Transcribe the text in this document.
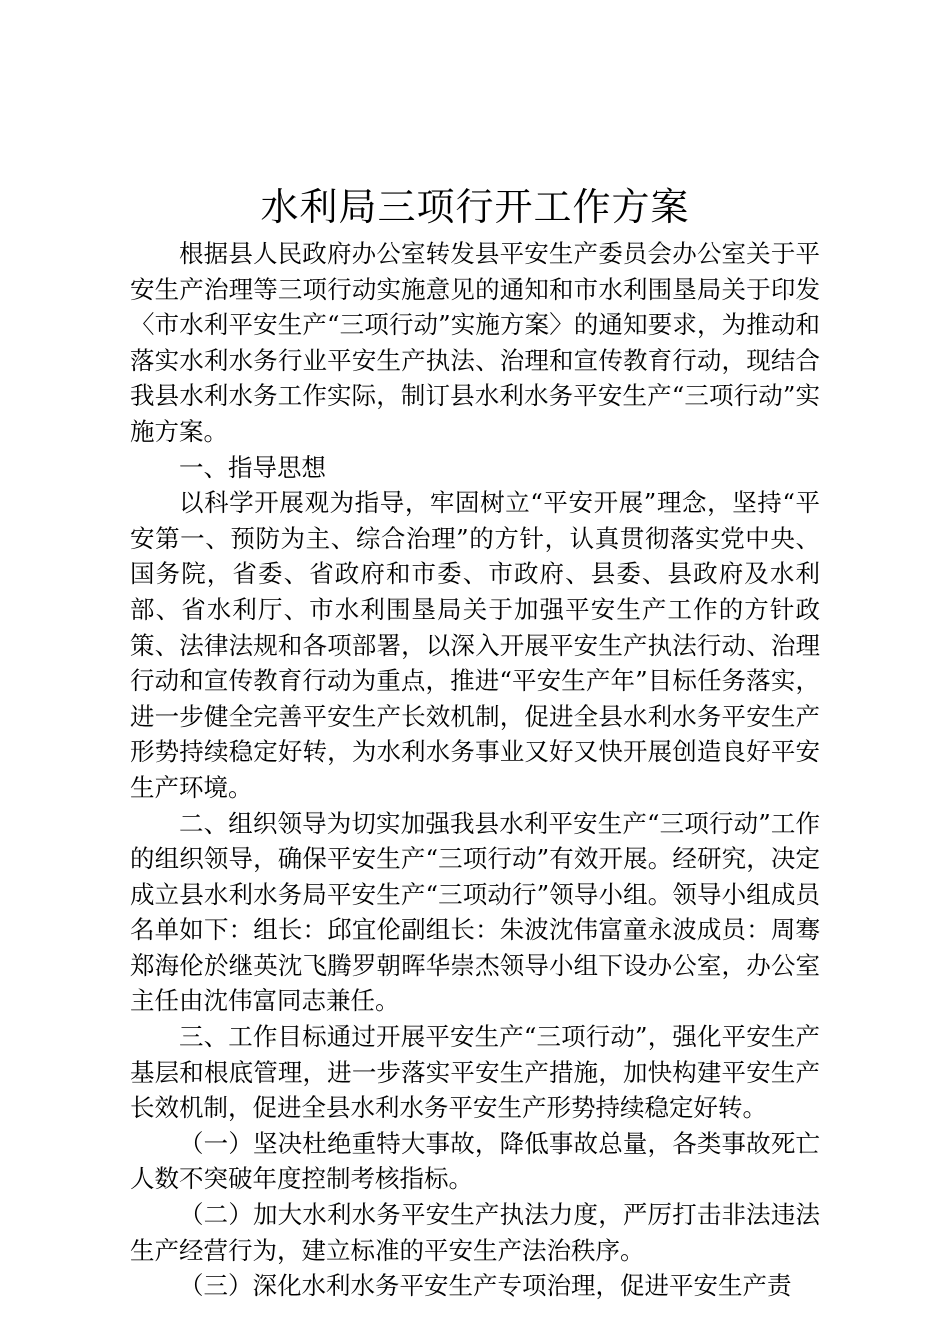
水利局三项行开工作方案

根据县人民政府办公室转发县平安生产委员会办公室关于平安生产治理等三项行动实施意见的通知和市水利围垦局关于印发〈市水利平安生产“三项行动”实施方案〉的通知要求，为推动和落实水利水务行业平安生产执法、治理和宣传教育行动，现结合我县水利水务工作实际，制订县水利水务平安生产“三项行动”实施方案。

一、指导思想

以科学开展观为指导，牢固树立“平安开展”理念，坚持“平安第一、预防为主、综合治理”的方针，认真贯彻落实党中央、国务院，省委、省政府和市委、市政府、县委、县政府及水利部、省水利厅、市水利围垦局关于加强平安生产工作的方针政策、法律法规和各项部署，以深入开展平安生产执法行动、治理行动和宣传教育行动为重点，推进“平安生产年”目标任务落实，进一步健全完善平安生产长效机制，促进全县水利水务平安生产形势持续稳定好转，为水利水务事业又好又快开展创造良好平安生产环境。

二、组织领导为切实加强我县水利平安生产“三项行动”工作的组织领导，确保平安生产“三项行动”有效开展。经研究，决定成立县水利水务局平安生产“三项动行”领导小组。领导小组成员名单如下：组长：邱宜伦副组长：朱波沈伟富童永波成员：周骞郑海伦於继英沈飞腾罗朝晖华崇杰领导小组下设办公室，办公室主任由沈伟富同志兼任。

三、工作目标通过开展平安生产“三项行动”，强化平安生产基层和根底管理，进一步落实平安生产措施，加快构建平安生产长效机制，促进全县水利水务平安生产形势持续稳定好转。

（一）坚决杜绝重特大事故，降低事故总量，各类事故死亡人数不突破年度控制考核指标。

（二）加大水利水务平安生产执法力度，严厉打击非法违法生产经营行为，建立标准的平安生产法治秩序。

（三）深化水利水务平安生产专项治理，促进平安生产责
